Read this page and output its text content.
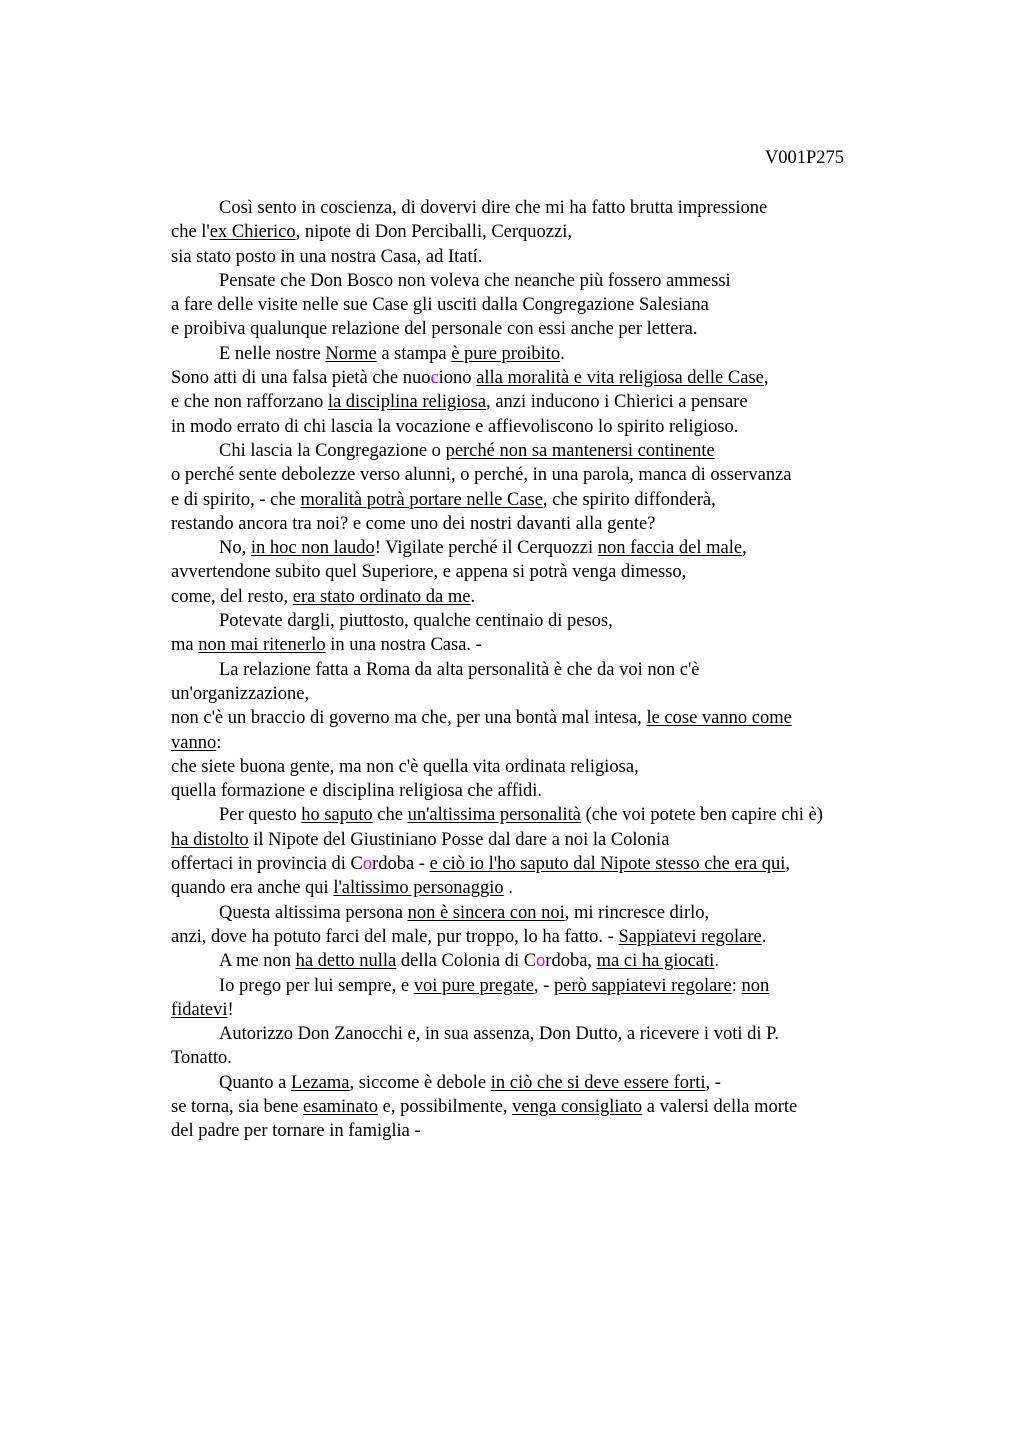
V001P275
Così sento in coscienza, di dovervi dire che mi ha fatto brutta impressione
che l'ex Chierico, nipote di Don Perciballi, Cerquozzi,
sia stato posto in una nostra Casa, ad Itatí.
Pensate che Don Bosco non voleva che neanche più fossero ammessi
a fare delle visite nelle sue Case gli usciti dalla Congregazione Salesiana
e proibiva qualunque relazione del personale con essi anche per lettera.
E nelle nostre Norme a stampa è pure proibito.
Sono atti di una falsa pietà che nuociono alla moralità e vita religiosa delle Case,
e che non rafforzano la disciplina religiosa, anzi inducono i Chierici a pensare
in modo errato di chi lascia la vocazione e affievoliscono lo spirito religioso.
Chi lascia la Congregazione o perché non sa mantenersi continente
o perché sente debolezze verso alunni, o perché, in una parola, manca di osservanza
e di spirito, - che moralità potrà portare nelle Case, che spirito diffonderà,
restando ancora tra noi? e come uno dei nostri davanti alla gente?
No, in hoc non laudo! Vigilate perché il Cerquozzi non faccia del male,
avvertendone subito quel Superiore, e appena si potrà venga dimesso,
come, del resto, era stato ordinato da me.
Potevate dargli, piuttosto, qualche centinaio di pesos,
ma non mai ritenerlo in una nostra Casa. -
La relazione fatta a Roma da alta personalità è che da voi non c'è
un'organizzazione,
non c'è un braccio di governo ma che, per una bontà mal intesa, le cose vanno come
vanno:
che siete buona gente, ma non c'è quella vita ordinata religiosa,
quella formazione e disciplina religiosa che affidi.
Per questo ho saputo che un'altissima personalità (che voi potete ben capire chi è)
ha distolto il Nipote del Giustiniano Posse dal dare a noi la Colonia
offertaci in provincia di Cordoba - e ciò io l'ho saputo dal Nipote stesso che era qui,
quando era anche qui l'altissimo personaggio .
Questa altissima persona non è sincera con noi, mi rincresce dirlo,
anzi, dove ha potuto farci del male, pur troppo, lo ha fatto. - Sappiatevi regolare.
A me non ha detto nulla della Colonia di Cordoba, ma ci ha giocati.
Io prego per lui sempre, e voi pure pregate, - però sappiatevi regolare: non
fidatevi!
Autorizzo Don Zanocchi e, in sua assenza, Don Dutto, a ricevere i voti di P.
Tonatto.
Quanto a Lezama, siccome è debole in ciò che si deve essere forti, -
se torna, sia bene esaminato e, possibilmente, venga consigliato a valersi della morte
del padre per tornare in famiglia -
